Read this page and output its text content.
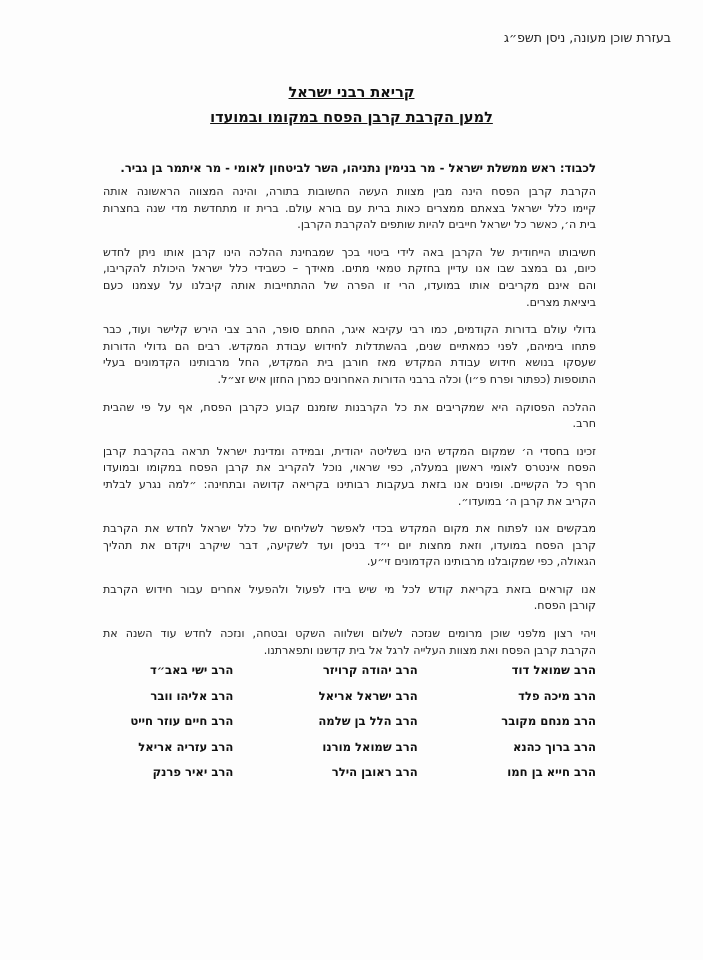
בעזרת שוכן מעונה, ניסן תשפ״ג
קריאת רבני ישראל
למען הקרבת קרבן הפסח במקומו ובמועדו
לכבוד: ראש ממשלת ישראל - מר בנימין נתניהו, השר לביטחון לאומי - מר איתמר בן גביר.

הקרבת קרבן הפסח הינה מבין מצוות העשה החשובות בתורה, והינה המצווה הראשונה אותה
קיימו כלל ישראל בצאתם ממצרים כאות ברית עם בורא עולם. ברית זו מתחדשת מדי שנה בחצרות
בית ה׳, כאשר כל ישראל חייבים להיות שותפים להקרבת הקרבן.

חשיבותו הייחודית של הקרבן באה לידי ביטוי בכך שמבחינת ההלכה הינו קרבן אותו ניתן לחדש
כיום, גם במצב שבו אנו עדיין בחזקת טמאי מתים. מאידך – כשבידי כלל ישראל היכולת להקריבו,
והם אינם מקריבים אותו במועדו, הרי זו הפרה של ההתחייבות אותה קיבלנו על עצמנו כעם
ביציאת מצרים.

גדולי עולם בדורות הקודמים, כמו רבי עקיבא איגר, החתם סופר, הרב צבי הירש קלישר ועוד, כבר
פתחו בימיהם, לפני כמאתיים שנים, בהשתדלות לחידוש עבודת המקדש. רבים הם גדולי הדורות
שעסקו בנושא חידוש עבודת המקדש מאז חורבן בית המקדש, החל מרבותינו הקדמונים בעלי
התוספות (כפתור ופרח פ״ו) וכלה ברבני הדורות האחרונים כמרן החזון איש זצ״ל.

ההלכה הפסוקה היא שמקריבים את כל הקרבנות שזמנם קבוע כקרבן הפסח, אף על פי שהבית
חרב.

זכינו בחסדי ה׳ שמקום המקדש הינו בשליטה יהודית, ובמידה ומדינת ישראל תראה בהקרבת קרבן
הפסח אינטרס לאומי ראשון במעלה, כפי שראוי, נוכל להקריב את קרבן הפסח במקומו ובמועדו
חרף כל הקשיים. ופונים אנו בזאת בעקבות רבותינו בקריאה קדושה ובתחינה: ״למה נגרע לבלתי
הקריב את קרבן ה׳ במועדו״.

מבקשים אנו לפתוח את מקום המקדש בכדי לאפשר לשליחים של כלל ישראל לחדש את הקרבת
קרבן הפסח במועדו, וזאת מחצות יום י״ד בניסן ועד לשקיעה, דבר שיקרב ויקדם את תהליך
הגאולה, כפי שמקובלנו מרבותינו הקדמונים זי״ע.

אנו קוראים בזאת בקריאת קודש לכל מי שיש בידו לפעול ולהפעיל אחרים עבור חידוש הקרבת
קורבן הפסח.

ויהי רצון מלפני שוכן מרומים שנזכה לשלום ושלווה השקט ובטחה, ונזכה לחדש עוד השנה את
הקרבת קרבן הפסח ואת מצוות העלייה לרגל אל בית קדשנו ותפארתנו.

הרב שמואל דוד
הרב יהודה קרויזר
הרב ישי באב״ד
הרב מיכה פלד
הרב ישראל אריאל
הרב אליהו וובר
הרב מנחם מקובר
הרב הלל בן שלמה
הרב חיים עוזר חייט
הרב ברוך כהנא
הרב שמואל מורנו
הרב עזריה אריאל
הרב חייא בן חמו
הרב ראובן הילר
הרב יאיר פרנק
